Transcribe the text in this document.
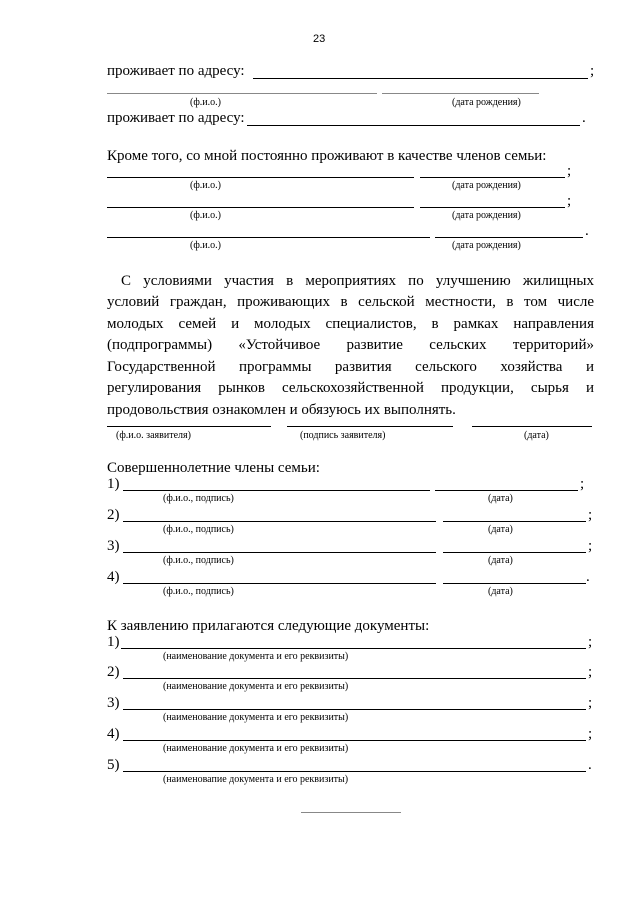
23
проживает по адресу:	;
(ф.и.о.)	(дата рождения)
проживает по адресу:	.
Кроме того, со мной постоянно проживают в качестве членов семьи:
;
(ф.и.о.)	(дата рождения)
;
(ф.и.о.)	(дата рождения)
.
(ф.и.о.)	(дата рождения)
С условиями участия в мероприятиях по улучшению жилищных
условий граждан, проживающих в сельской местности, в том числе
молодых семей и молодых специалистов, в рамках направления
(подпрограммы) «Устойчивое развитие сельских территорий»
Государственной программы развития сельского хозяйства и
регулирования рынков сельскохозяйственной продукции, сырья и
продовольствия ознакомлен и обязуюсь их выполнять.
(ф.и.о. заявителя)	(подпись заявителя)	(дата)
Совершеннолетние члены семьи:
1)	;
(ф.и.о., подпись)	(дата)
2)	;
(ф.и.о., подпись)	(дата)
3)	;
(ф.и.о., подпись)	(дата)
4)	.
(ф.и.о., подпись)	(дата)
К заявлению прилагаются следующие документы:
1)	;
(наименование документа и его реквизиты)
2)	;
(наименование документа и его реквизиты)
3)	;
(наименование документа и его реквизиты)
4)	;
(наименование документа и его реквизиты)
5)	.
(наименовапие документа и его реквизиты)
